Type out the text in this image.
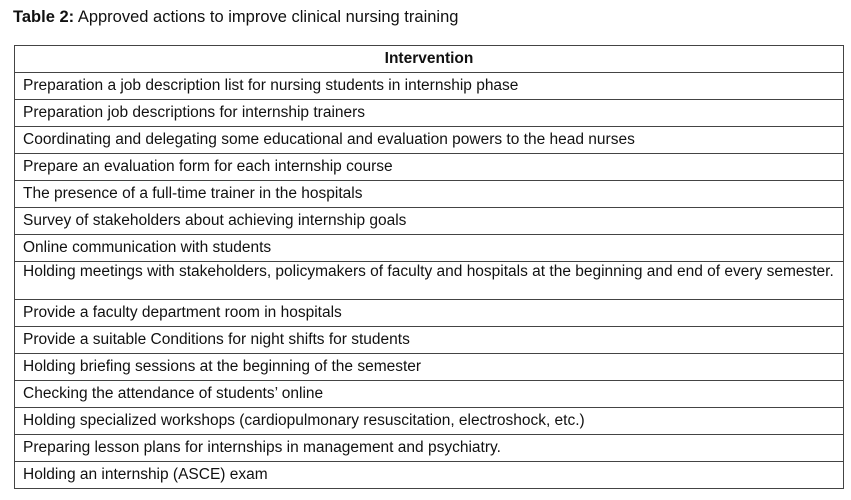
Table 2: Approved actions to improve clinical nursing training
Intervention
Preparation a job description list for nursing students in internship phase
Preparation job descriptions for internship trainers
Coordinating and delegating some educational and evaluation powers to the head nurses
Prepare an evaluation form for each internship course
The presence of a full-time trainer in the hospitals
Survey of stakeholders about achieving internship goals
Online communication with students
Holding meetings with stakeholders, policymakers of faculty and hospitals at the beginning and end of every semester.
Provide a faculty department room in hospitals
Provide a suitable Conditions for night shifts for students
Holding briefing sessions at the beginning of the semester
Checking the attendance of students’ online
Holding specialized workshops (cardiopulmonary resuscitation, electroshock, etc.)
Preparing lesson plans for internships in management and psychiatry.
Holding an internship (ASCE) exam
